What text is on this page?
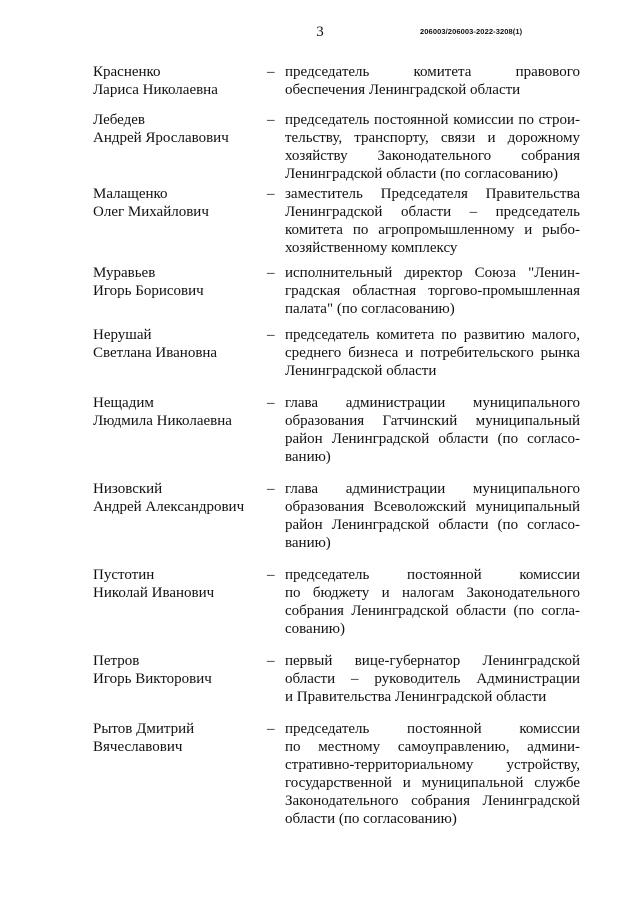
3	206003/206003-2022-3208(1)
Красненко
Лариса Николаевна
– председатель комитета правового
обеспечения Ленинградской области
Лебедев
Андрей Ярославович
– председатель постоянной комиссии по строи-
тельству, транспорту, связи и дорожному
хозяйству Законодательного собрания
Ленинградской области (по согласованию)
Малащенко
Олег Михайлович
– заместитель Председателя Правительства
Ленинградской области – председатель
комитета по агропромышленному и рыбо-
хозяйственному комплексу
Муравьев
Игорь Борисович
– исполнительный директор Союза "Ленин-
градская областная торгово-промышленная
палата" (по согласованию)
Нерушай
Светлана Ивановна
– председатель комитета по развитию малого,
среднего бизнеса и потребительского рынка
Ленинградской области
Нещадим
Людмила Николаевна
– глава администрации муниципального
образования Гатчинский муниципальный
район Ленинградской области (по согласо-
ванию)
Низовский
Андрей Александрович
– глава администрации муниципального
образования Всеволожский муниципальный
район Ленинградской области (по согласо-
ванию)
Пустотин
Николай Иванович
– председатель постоянной комиссии
по бюджету и налогам Законодательного
собрания Ленинградской области (по согла-
сованию)
Петров
Игорь Викторович
– первый вице-губернатор Ленинградской
области – руководитель Администрации
и Правительства Ленинградской области
Рытов Дмитрий
Вячеславович
– председатель постоянной комиссии
по местному самоуправлению, админи-
стративно-территориальному устройству,
государственной и муниципальной службе
Законодательного собрания Ленинградской
области (по согласованию)
